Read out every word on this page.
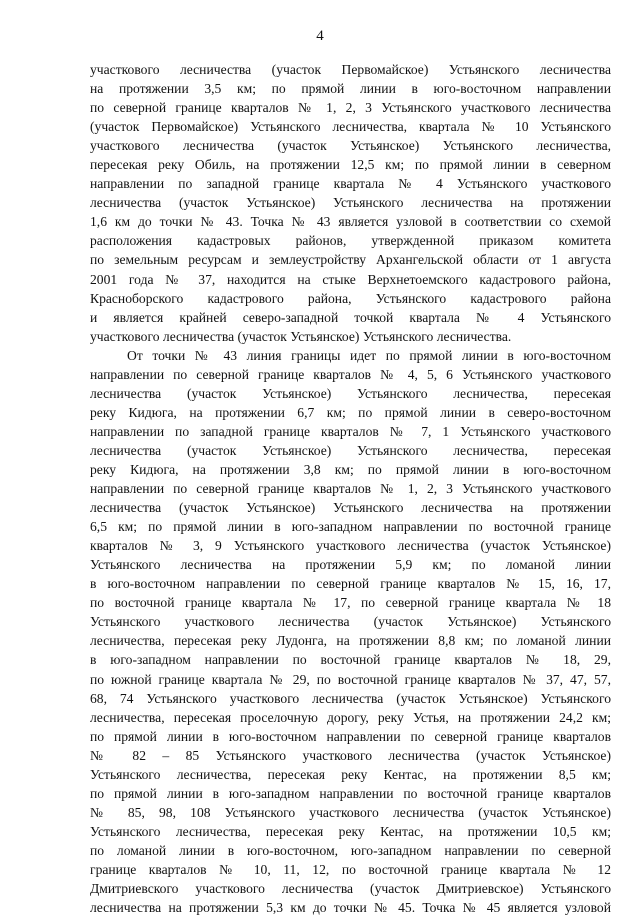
4
участкового лесничества (участок Первомайское) Устьянского лесничества
на протяжении 3,5 км; по прямой линии в юго-восточном направлении
по северной границе кварталов № 1, 2, 3 Устьянского участкового лесничества
(участок Первомайское) Устьянского лесничества, квартала № 10 Устьянского
участкового лесничества (участок Устьянское) Устьянского лесничества,
пересекая реку Обиль, на протяжении 12,5 км; по прямой линии в северном
направлении по западной границе квартала № 4 Устьянского участкового
лесничества (участок Устьянское) Устьянского лесничества на протяжении
1,6 км до точки № 43. Точка № 43 является узловой в соответствии со схемой
расположения кадастровых районов, утвержденной приказом комитета
по земельным ресурсам и землеустройству Архангельской области от 1 августа
2001 года № 37, находится на стыке Верхнетоемского кадастрового района,
Красноборского кадастрового района, Устьянского кадастрового района
и является крайней северо-западной точкой квартала № 4 Устьянского
участкового лесничества (участок Устьянское) Устьянского лесничества.
От точки № 43 линия границы идет по прямой линии в юго-восточном
направлении по северной границе кварталов № 4, 5, 6 Устьянского участкового
лесничества (участок Устьянское) Устьянского лесничества, пересекая
реку Кидюга, на протяжении 6,7 км; по прямой линии в северо-восточном
направлении по западной границе кварталов № 7, 1 Устьянского участкового
лесничества (участок Устьянское) Устьянского лесничества, пересекая
реку Кидюга, на протяжении 3,8 км; по прямой линии в юго-восточном
направлении по северной границе кварталов № 1, 2, 3 Устьянского участкового
лесничества (участок Устьянское) Устьянского лесничества на протяжении
6,5 км; по прямой линии в юго-западном направлении по восточной границе
кварталов № 3, 9 Устьянского участкового лесничества (участок Устьянское)
Устьянского лесничества на протяжении 5,9 км; по ломаной линии
в юго-восточном направлении по северной границе кварталов № 15, 16, 17,
по восточной границе квартала № 17, по северной границе квартала № 18
Устьянского участкового лесничества (участок Устьянское) Устьянского
лесничества, пересекая реку Лудонга, на протяжении 8,8 км; по ломаной линии
в юго-западном направлении по восточной границе кварталов № 18, 29,
по южной границе квартала № 29, по восточной границе кварталов № 37, 47, 57,
68, 74 Устьянского участкового лесничества (участок Устьянское) Устьянского
лесничества, пересекая проселочную дорогу, реку Устья, на протяжении 24,2 км;
по прямой линии в юго-восточном направлении по северной границе кварталов
№ 82 – 85 Устьянского участкового лесничества (участок Устьянское)
Устьянского лесничества, пересекая реку Кентас, на протяжении 8,5 км;
по прямой линии в юго-западном направлении по восточной границе кварталов
№ 85, 98, 108 Устьянского участкового лесничества (участок Устьянское)
Устьянского лесничества, пересекая реку Кентас, на протяжении 10,5 км;
по ломаной линии в юго-восточном, юго-западном направлении по северной
границе кварталов № 10, 11, 12, по восточной границе квартала № 12
Дмитриевского участкового лесничества (участок Дмитриевское) Устьянского
лесничества на протяжении 5,3 км до точки № 45. Точка № 45 является узловой
